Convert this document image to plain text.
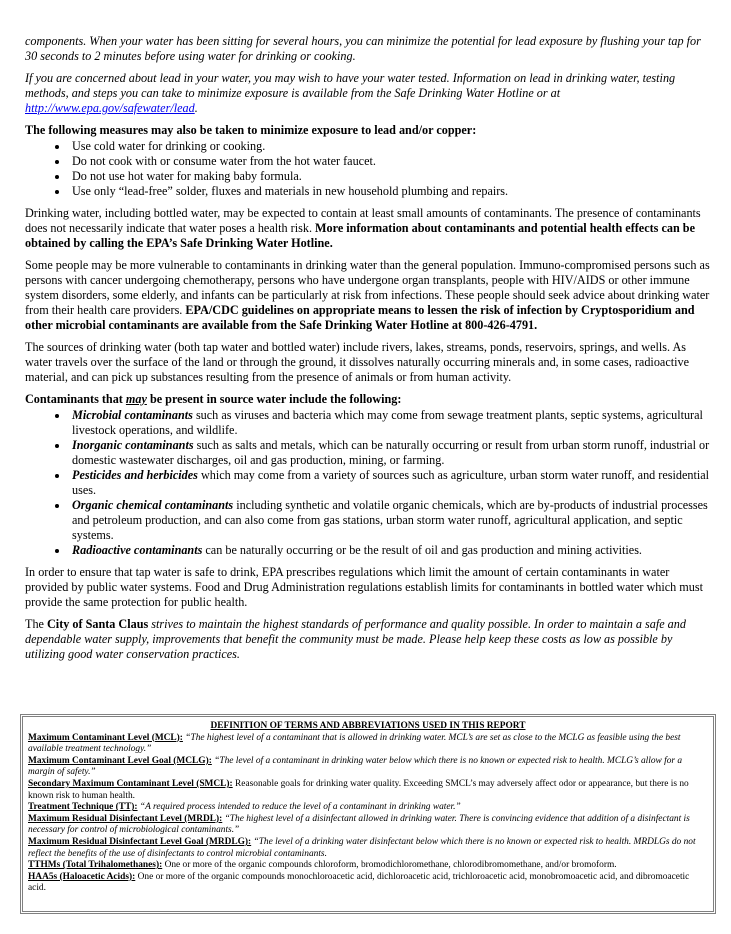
components. When your water has been sitting for several hours, you can minimize the potential for lead exposure by flushing your tap for 30 seconds to 2 minutes before using water for drinking or cooking.

If you are concerned about lead in your water, you may wish to have your water tested. Information on lead in drinking water, testing methods, and steps you can take to minimize exposure is available from the Safe Drinking Water Hotline or at http://www.epa.gov/safewater/lead.

The following measures may also be taken to minimize exposure to lead and/or copper:
• Use cold water for drinking or cooking.
• Do not cook with or consume water from the hot water faucet.
• Do not use hot water for making baby formula.
• Use only “lead-free” solder, fluxes and materials in new household plumbing and repairs.

Drinking water, including bottled water, may be expected to contain at least small amounts of contaminants. The presence of contaminants does not necessarily indicate that water poses a health risk. More information about contaminants and potential health effects can be obtained by calling the EPA’s Safe Drinking Water Hotline.

Some people may be more vulnerable to contaminants in drinking water than the general population. Immuno-compromised persons such as persons with cancer undergoing chemotherapy, persons who have undergone organ transplants, people with HIV/AIDS or other immune system disorders, some elderly, and infants can be particularly at risk from infections. These people should seek advice about drinking water from their health care providers. EPA/CDC guidelines on appropriate means to lessen the risk of infection by Cryptosporidium and other microbial contaminants are available from the Safe Drinking Water Hotline at 800-426-4791.

The sources of drinking water (both tap water and bottled water) include rivers, lakes, streams, ponds, reservoirs, springs, and wells. As water travels over the surface of the land or through the ground, it dissolves naturally occurring minerals and, in some cases, radioactive material, and can pick up substances resulting from the presence of animals or from human activity.

Contaminants that may be present in source water include the following:
• Microbial contaminants such as viruses and bacteria which may come from sewage treatment plants, septic systems, agricultural livestock operations, and wildlife.
• Inorganic contaminants such as salts and metals, which can be naturally occurring or result from urban storm runoff, industrial or domestic wastewater discharges, oil and gas production, mining, or farming.
• Pesticides and herbicides which may come from a variety of sources such as agriculture, urban storm water runoff, and residential uses.
• Organic chemical contaminants including synthetic and volatile organic chemicals, which are by-products of industrial processes and petroleum production, and can also come from gas stations, urban storm water runoff, agricultural application, and septic systems.
• Radioactive contaminants can be naturally occurring or be the result of oil and gas production and mining activities.

In order to ensure that tap water is safe to drink, EPA prescribes regulations which limit the amount of certain contaminants in water provided by public water systems. Food and Drug Administration regulations establish limits for contaminants in bottled water which must provide the same protection for public health.

The City of Santa Claus strives to maintain the highest standards of performance and quality possible. In order to maintain a safe and dependable water supply, improvements that benefit the community must be made. Please help keep these costs as low as possible by utilizing good water conservation practices.

DEFINITION OF TERMS AND ABBREVIATIONS USED IN THIS REPORT
Maximum Contaminant Level (MCL): “The highest level of a contaminant that is allowed in drinking water. MCL’s are set as close to the MCLG as feasible using the best available treatment technology.”
Maximum Contaminant Level Goal (MCLG): “The level of a contaminant in drinking water below which there is no known or expected risk to health. MCLG’s allow for a margin of safety.”
Secondary Maximum Contaminant Level (SMCL): Reasonable goals for drinking water quality. Exceeding SMCL’s may adversely affect odor or appearance, but there is no known risk to human health.
Treatment Technique (TT): “A required process intended to reduce the level of a contaminant in drinking water.”
Maximum Residual Disinfectant Level (MRDL): “The highest level of a disinfectant allowed in drinking water. There is convincing evidence that addition of a disinfectant is necessary for control of microbiological contaminants.”
Maximum Residual Disinfectant Level Goal (MRDLG): “The level of a drinking water disinfectant below which there is no known or expected risk to health. MRDLGs do not reflect the benefits of the use of disinfectants to control microbial contaminants.
TTHMs (Total Trihalomethanes): One or more of the organic compounds chloroform, bromodichloromethane, chlorodibromomethane, and/or bromoform.
HAA5s (Haloacetic Acids): One or more of the organic compounds monochloroacetic acid, dichloroacetic acid, trichloroacetic acid, monobromoacetic acid, and dibromoacetic acid.
